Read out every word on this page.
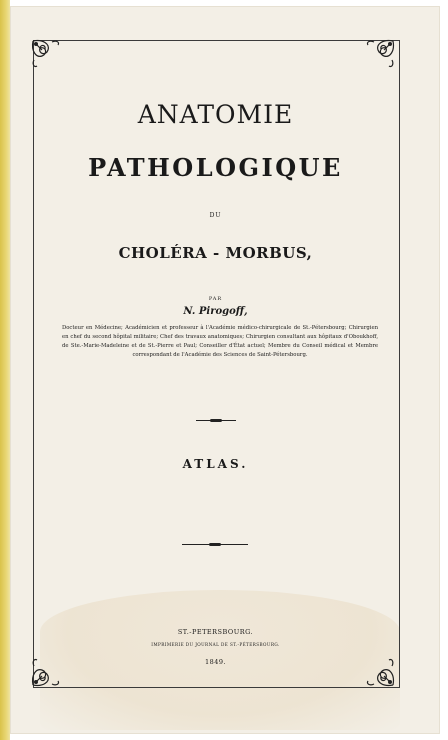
ANATOMIE
PATHOLOGIQUE

DU

CHOLÉRA - MORBUS,

PAR

N. Pirogoff,

Docteur en Médecine; Académicien et professeur à l'Académie médico-chirurgicale de St.-Pétersbourg; Chirurgien en chef du second hôpital militaire; Chef des travaux anatomiques; Chirurgien consultant aux hôpitaux d'Oboukhoff, de Ste.-Marie-Madeleine et de St.-Pierre et Paul; Conseiller d'État actuel; Membre du Conseil médical et Membre correspondant de l'Académie des Sciences de Saint-Pétersbourg.

ATLAS.

ST.-PETERSBOURG.

IMPRIMERIE DU JOURNAL DE ST.-PÉTERSBOURG.

1849.
